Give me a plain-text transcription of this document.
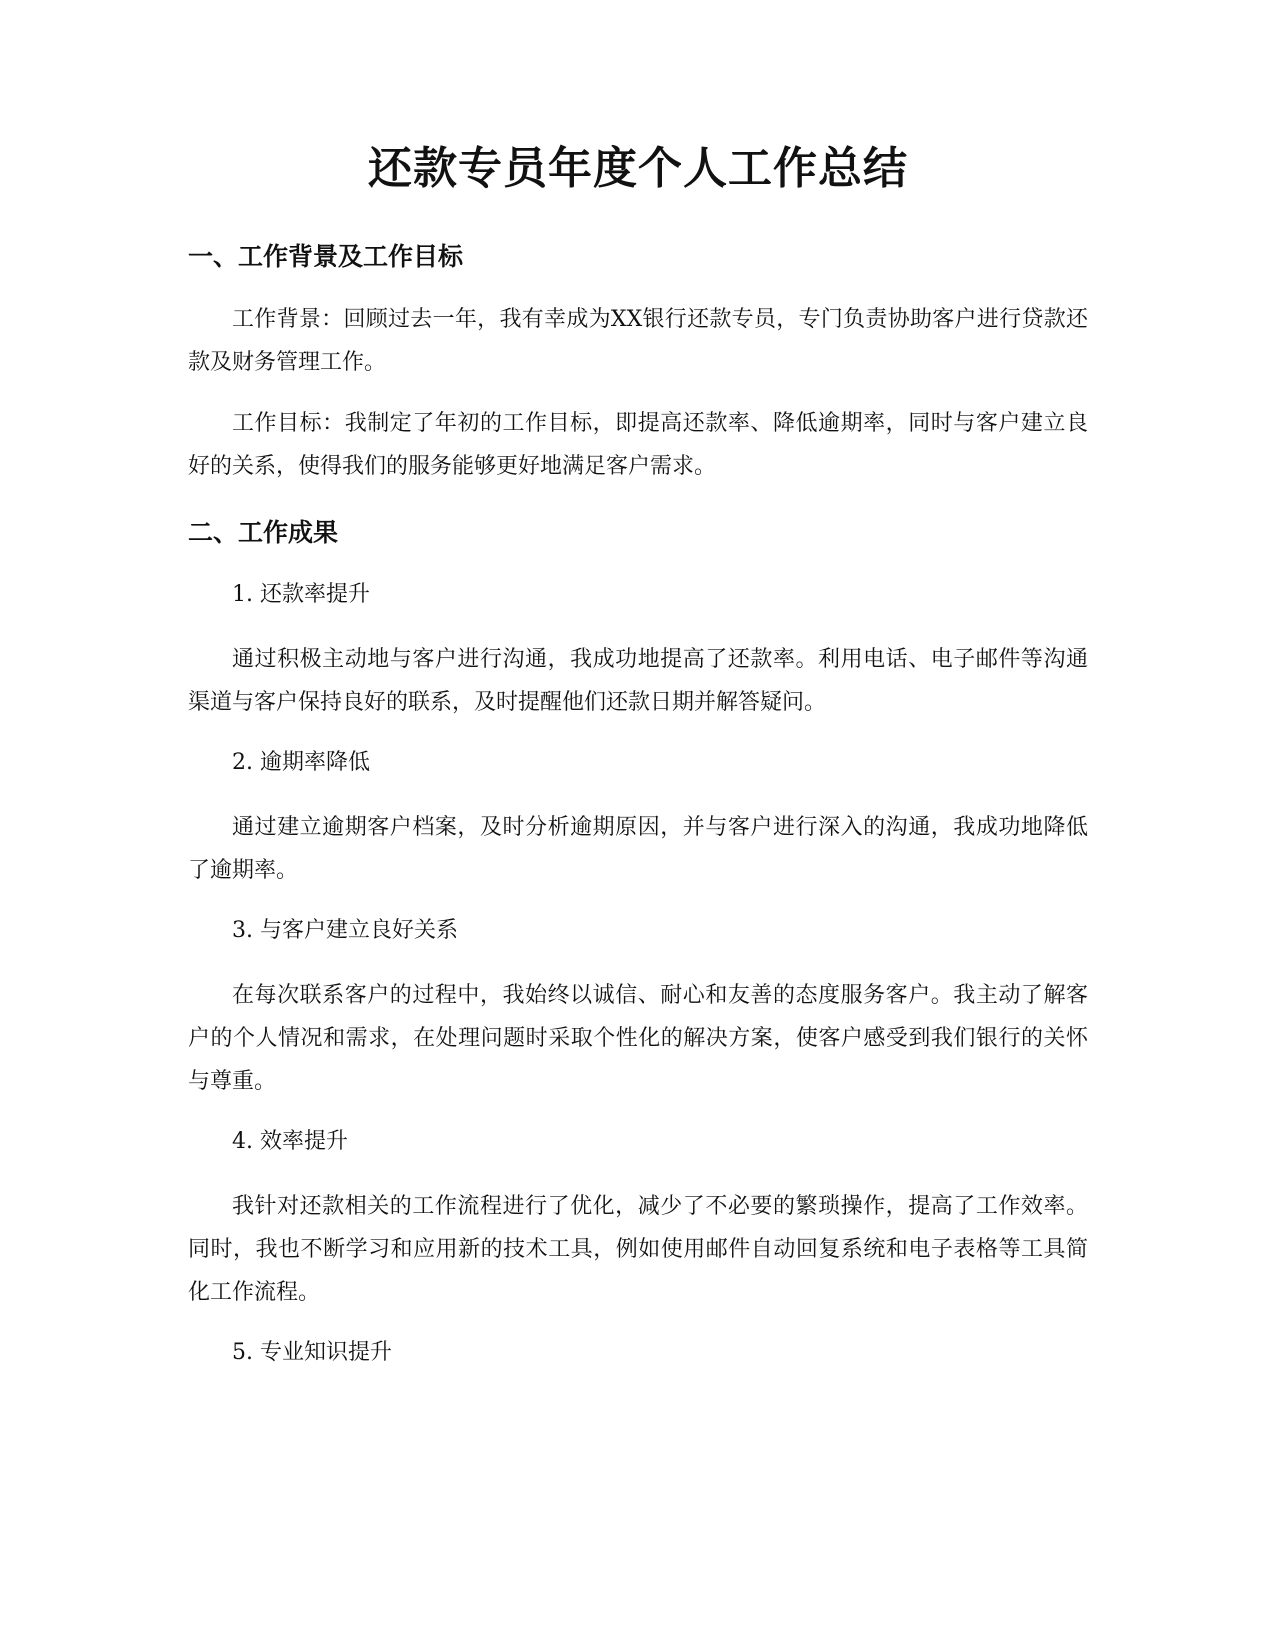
还款专员年度个人工作总结
一、工作背景及工作目标

工作背景：回顾过去一年，我有幸成为XX银行还款专员，专门负责协助客户进行贷款还款及财务管理工作。

工作目标：我制定了年初的工作目标，即提高还款率、降低逾期率，同时与客户建立良好的关系，使得我们的服务能够更好地满足客户需求。

二、工作成果

1. 还款率提升

通过积极主动地与客户进行沟通，我成功地提高了还款率。利用电话、电子邮件等沟通渠道与客户保持良好的联系，及时提醒他们还款日期并解答疑问。

2. 逾期率降低

通过建立逾期客户档案，及时分析逾期原因，并与客户进行深入的沟通，我成功地降低了逾期率。

3. 与客户建立良好关系

在每次联系客户的过程中，我始终以诚信、耐心和友善的态度服务客户。我主动了解客户的个人情况和需求，在处理问题时采取个性化的解决方案，使客户感受到我们银行的关怀与尊重。

4. 效率提升

我针对还款相关的工作流程进行了优化，减少了不必要的繁琐操作，提高了工作效率。同时，我也不断学习和应用新的技术工具，例如使用邮件自动回复系统和电子表格等工具简化工作流程。

5. 专业知识提升
